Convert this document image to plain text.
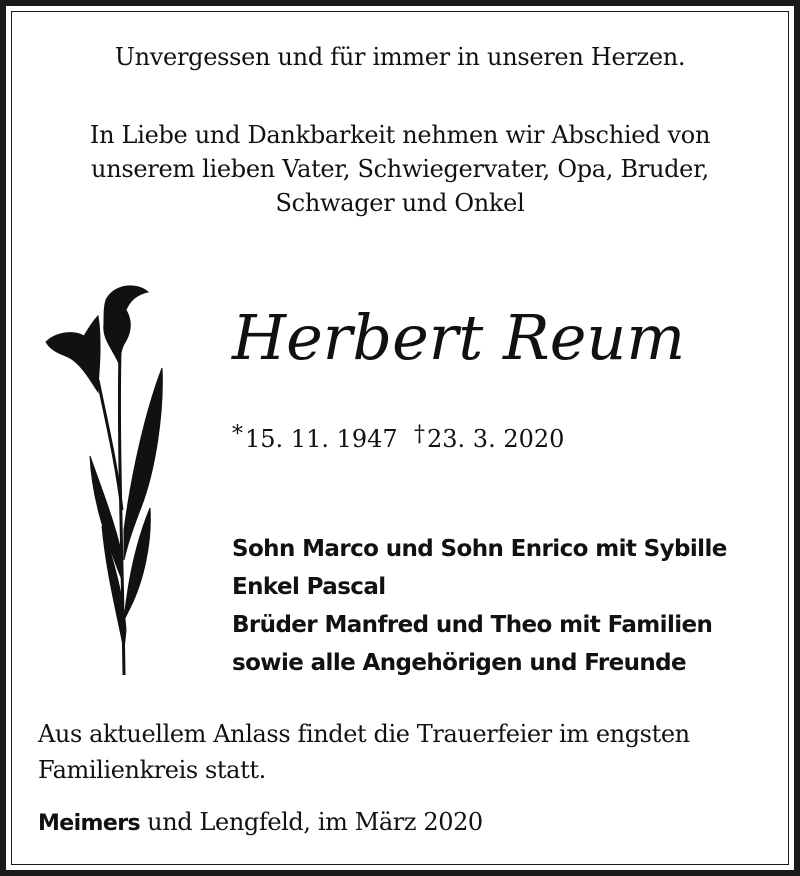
Unvergessen und für immer in unseren Herzen.
In Liebe und Dankbarkeit nehmen wir Abschied von
unserem lieben Vater, Schwiegervater, Opa, Bruder,
Schwager und Onkel
Herbert Reum
*15. 11. 1947 †23. 3. 2020
Sohn Marco und Sohn Enrico mit Sybille
Enkel Pascal
Brüder Manfred und Theo mit Familien
sowie alle Angehörigen und Freunde
Aus aktuellem Anlass findet die Trauerfeier im engsten
Familienkreis statt.
Meimers und Lengfeld, im März 2020
